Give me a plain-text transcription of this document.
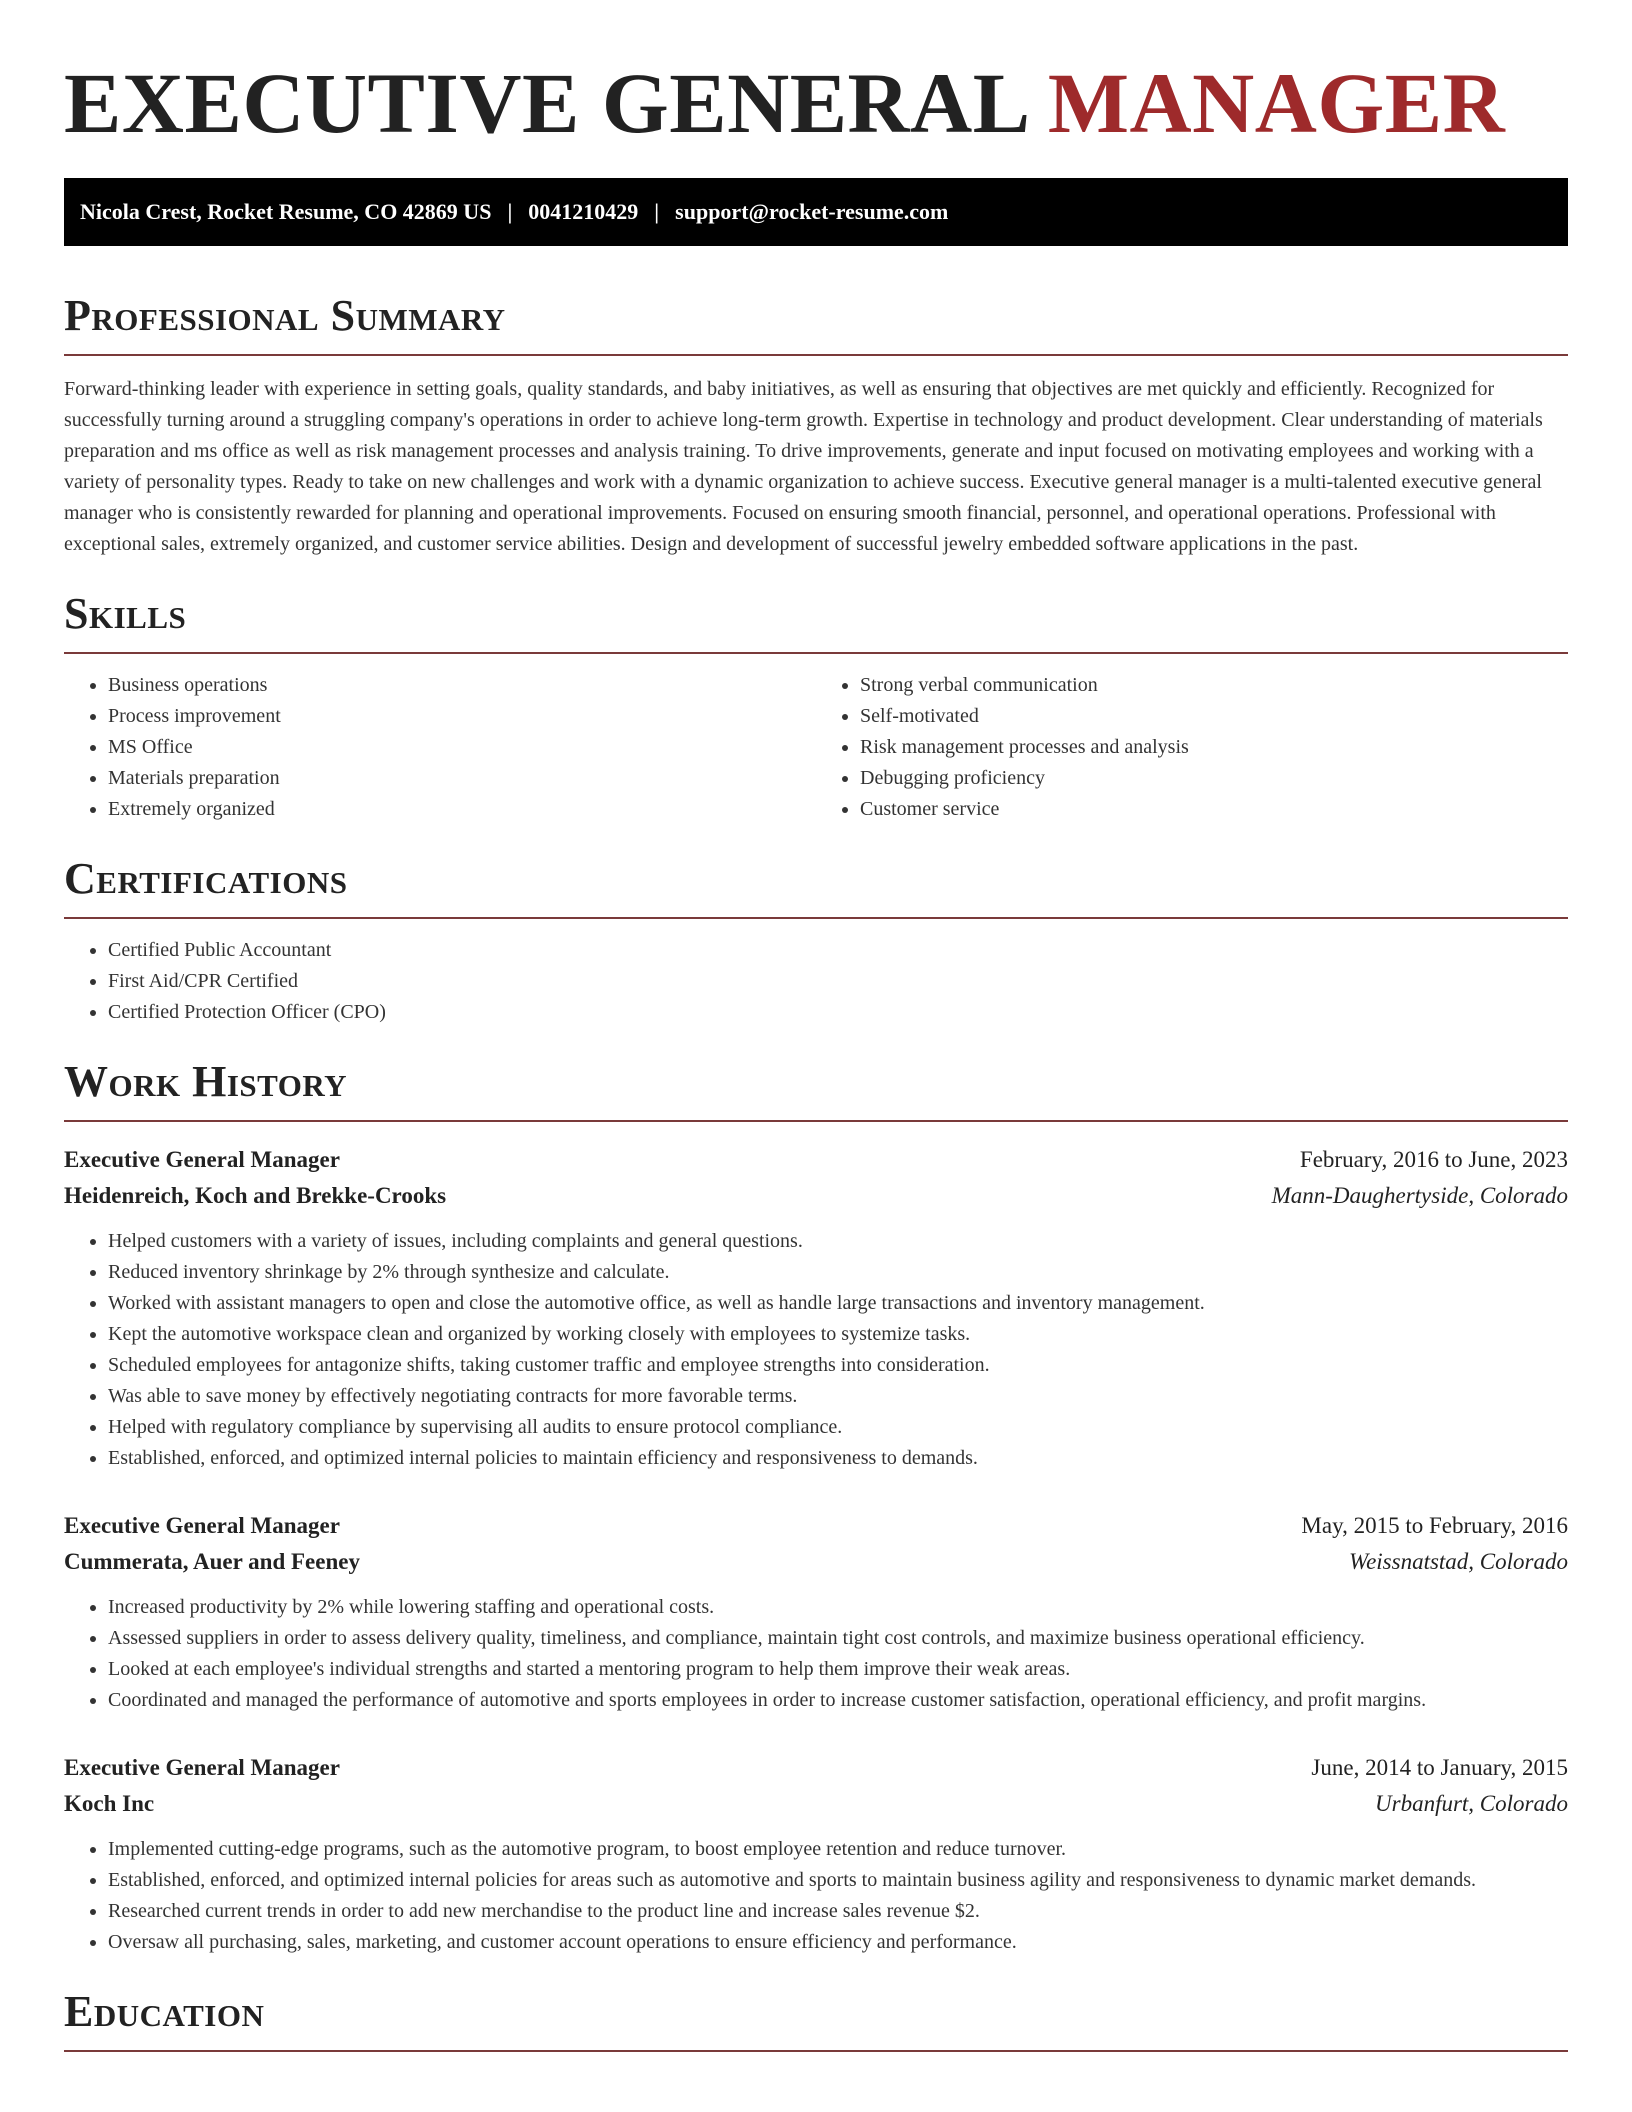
EXECUTIVE GENERAL MANAGER
Nicola Crest, Rocket Resume, CO 42869 US | 0041210429 | support@rocket-resume.com
Professional Summary

Forward-thinking leader with experience in setting goals, quality standards, and baby initiatives, as well as ensuring that objectives are met quickly and efficiently. Recognized for successfully turning around a struggling company's operations in order to achieve long-term growth. Expertise in technology and product development. Clear understanding of materials preparation and ms office as well as risk management processes and analysis training. To drive improvements, generate and input focused on motivating employees and working with a variety of personality types. Ready to take on new challenges and work with a dynamic organization to achieve success. Executive general manager is a multi-talented executive general manager who is consistently rewarded for planning and operational improvements. Focused on ensuring smooth financial, personnel, and operational operations. Professional with exceptional sales, extremely organized, and customer service abilities. Design and development of successful jewelry embedded software applications in the past.

Skills
• Business operations
• Process improvement
• MS Office
• Materials preparation
• Extremely organized
• Strong verbal communication
• Self-motivated
• Risk management processes and analysis
• Debugging proficiency
• Customer service
Certifications
• Certified Public Accountant
• First Aid/CPR Certified
• Certified Protection Officer (CPO)
Work History
Executive General Manager	February, 2016 to June, 2023
Heidenreich, Koch and Brekke-Crooks	Mann-Daughertyside, Colorado
• Helped customers with a variety of issues, including complaints and general questions.
• Reduced inventory shrinkage by 2% through synthesize and calculate.
• Worked with assistant managers to open and close the automotive office, as well as handle large transactions and inventory management.
• Kept the automotive workspace clean and organized by working closely with employees to systemize tasks.
• Scheduled employees for antagonize shifts, taking customer traffic and employee strengths into consideration.
• Was able to save money by effectively negotiating contracts for more favorable terms.
• Helped with regulatory compliance by supervising all audits to ensure protocol compliance.
• Established, enforced, and optimized internal policies to maintain efficiency and responsiveness to demands.
Executive General Manager	May, 2015 to February, 2016
Cummerata, Auer and Feeney	Weissnatstad, Colorado
• Increased productivity by 2% while lowering staffing and operational costs.
• Assessed suppliers in order to assess delivery quality, timeliness, and compliance, maintain tight cost controls, and maximize business operational efficiency.
• Looked at each employee's individual strengths and started a mentoring program to help them improve their weak areas.
• Coordinated and managed the performance of automotive and sports employees in order to increase customer satisfaction, operational efficiency, and profit margins.
Executive General Manager	June, 2014 to January, 2015
Koch Inc	Urbanfurt, Colorado
• Implemented cutting-edge programs, such as the automotive program, to boost employee retention and reduce turnover.
• Established, enforced, and optimized internal policies for areas such as automotive and sports to maintain business agility and responsiveness to dynamic market demands.
• Researched current trends in order to add new merchandise to the product line and increase sales revenue $2.
• Oversaw all purchasing, sales, marketing, and customer account operations to ensure efficiency and performance.
Education
